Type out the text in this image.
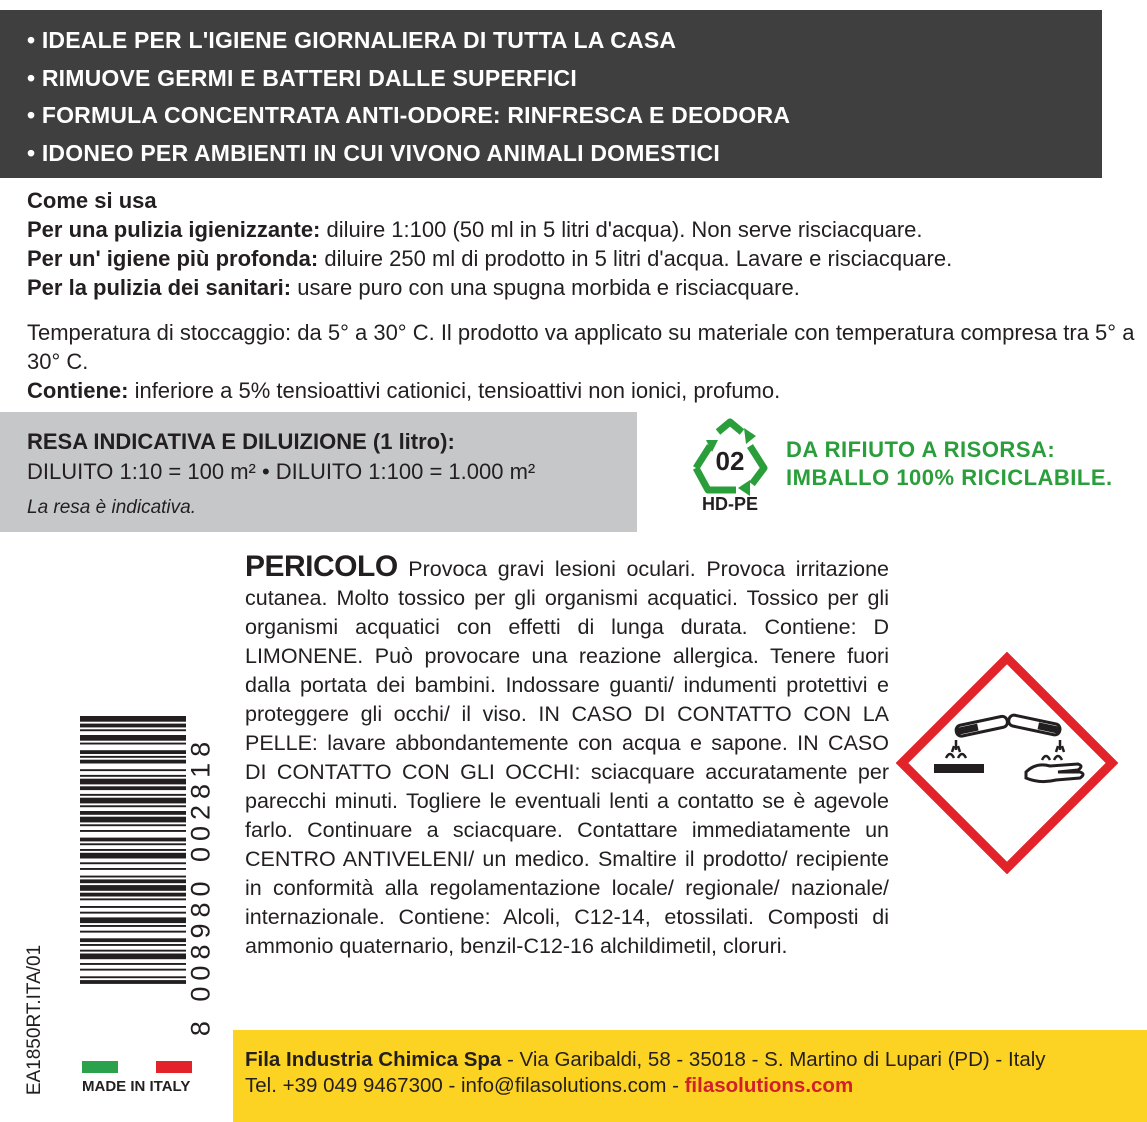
• IDEALE PER L'IGIENE GIORNALIERA DI TUTTA LA CASA
• RIMUOVE GERMI E BATTERI DALLE SUPERFICI
• FORMULA CONCENTRATA ANTI-ODORE: RINFRESCA E DEODORA
• IDONEO PER AMBIENTI IN CUI VIVONO ANIMALI DOMESTICI
Come si usa
Per una pulizia igienizzante: diluire 1:100 (50 ml in 5 litri d'acqua). Non serve risciacquare.
Per un' igiene più profonda: diluire 250 ml di prodotto in 5 litri d'acqua. Lavare e risciacquare.
Per la pulizia dei sanitari: usare puro con una spugna morbida e risciacquare.
Temperatura di stoccaggio: da 5° a 30° C. Il prodotto va applicato su materiale con temperatura compresa tra 5° a 30° C.
Contiene: inferiore a 5% tensioattivi cationici, tensioattivi non ionici, profumo.
RESA INDICATIVA E DILUIZIONE (1 litro):
DILUITO 1:10 = 100 m² • DILUITO 1:100 = 1.000 m²
La resa è indicativa.
02
HD-PE
DA RIFIUTO A RISORSA:
IMBALLO 100% RICICLABILE.
PERICOLO Provoca gravi lesioni oculari. Provoca irritazione cutanea. Molto tossico per gli organismi acquatici. Tossico per gli organismi acquatici con effetti di lunga durata. Contiene: D LIMONENE. Può provocare una reazione allergica. Tenere fuori dalla portata dei bambini. Indossare guanti/ indumenti protettivi e proteggere gli occhi/ il viso. IN CASO DI CONTATTO CON LA PELLE: lavare abbondantemente con acqua e sapone. IN CASO DI CONTATTO CON GLI OCCHI: sciacquare accuratamente per parecchi minuti. Togliere le eventuali lenti a contatto se è agevole farlo. Continuare a sciacquare. Contattare immediatamente un CENTRO ANTIVELENI/ un medico. Smaltire il prodotto/ recipiente in conformità alla regolamentazione locale/ regionale/ nazionale/ internazionale. Contiene: Alcoli, C12-14, etossilati. Composti di ammonio quaternario, benzil-C12-16 alchildimetil, cloruri.
8 008980 002818
EA1850RT.ITA/01 MADE IN ITALY
Fila Industria Chimica Spa - Via Garibaldi, 58 - 35018 - S. Martino di Lupari (PD) - Italy
Tel. +39 049 9467300 - info@filasolutions.com - filasolutions.com
